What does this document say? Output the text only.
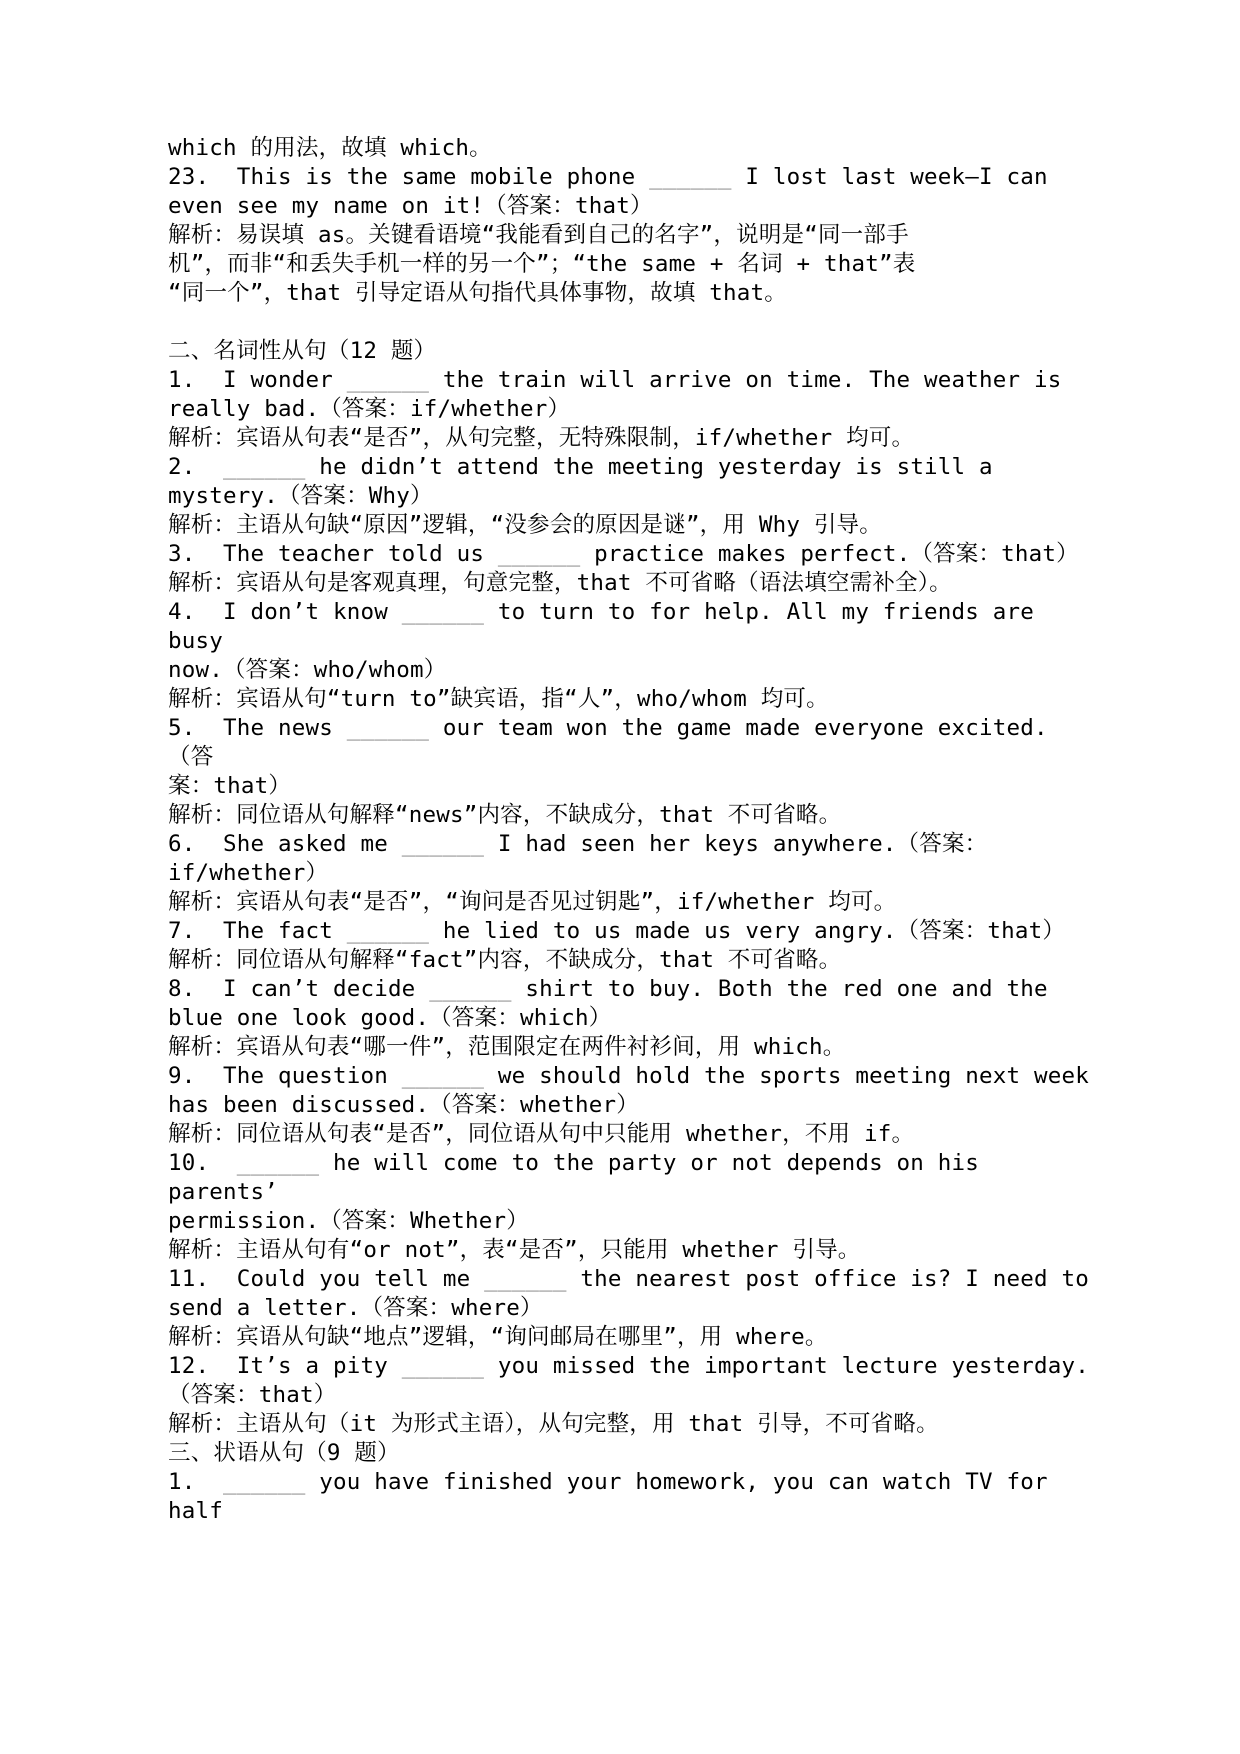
which 的用法，故填 which。
23.  This is the same mobile phone ______ I lost last week—I can
even see my name on it!（答案：that）
解析：易误填 as。关键看语境“我能看到自己的名字”，说明是“同一部手
机”，而非“和丢失手机一样的另一个”；“the same + 名词 + that”表
“同一个”，that 引导定语从句指代具体事物，故填 that。
二、名词性从句（12 题）
1.  I wonder ______ the train will arrive on time. The weather is
really bad.（答案：if/whether）
解析：宾语从句表“是否”，从句完整，无特殊限制，if/whether 均可。
2.  ______ he didn’t attend the meeting yesterday is still a
mystery.（答案：Why）
解析：主语从句缺“原因”逻辑，“没参会的原因是谜”，用 Why 引导。
3.  The teacher told us ______ practice makes perfect.（答案：that）
解析：宾语从句是客观真理，句意完整，that 不可省略（语法填空需补全）。
4.  I don’t know ______ to turn to for help. All my friends are busy
now.（答案：who/whom）
解析：宾语从句“turn to”缺宾语，指“人”，who/whom 均可。
5.  The news ______ our team won the game made everyone excited.（答
案：that）
解析：同位语从句解释“news”内容，不缺成分，that 不可省略。
6.  She asked me ______ I had seen her keys anywhere.（答案：
if/whether）
解析：宾语从句表“是否”，“询问是否见过钥匙”，if/whether 均可。
7.  The fact ______ he lied to us made us very angry.（答案：that）
解析：同位语从句解释“fact”内容，不缺成分，that 不可省略。
8.  I can’t decide ______ shirt to buy. Both the red one and the
blue one look good.（答案：which）
解析：宾语从句表“哪一件”，范围限定在两件衬衫间，用 which。
9.  The question ______ we should hold the sports meeting next week
has been discussed.（答案：whether）
解析：同位语从句表“是否”，同位语从句中只能用 whether，不用 if。
10.  ______ he will come to the party or not depends on his parents’
permission.（答案：Whether）
解析：主语从句有“or not”，表“是否”，只能用 whether 引导。
11.  Could you tell me ______ the nearest post office is? I need to
send a letter.（答案：where）
解析：宾语从句缺“地点”逻辑，“询问邮局在哪里”，用 where。
12.  It’s a pity ______ you missed the important lecture yesterday.
（答案：that）
解析：主语从句（it 为形式主语），从句完整，用 that 引导，不可省略。
三、状语从句（9 题）
1.  ______ you have finished your homework, you can watch TV for half
